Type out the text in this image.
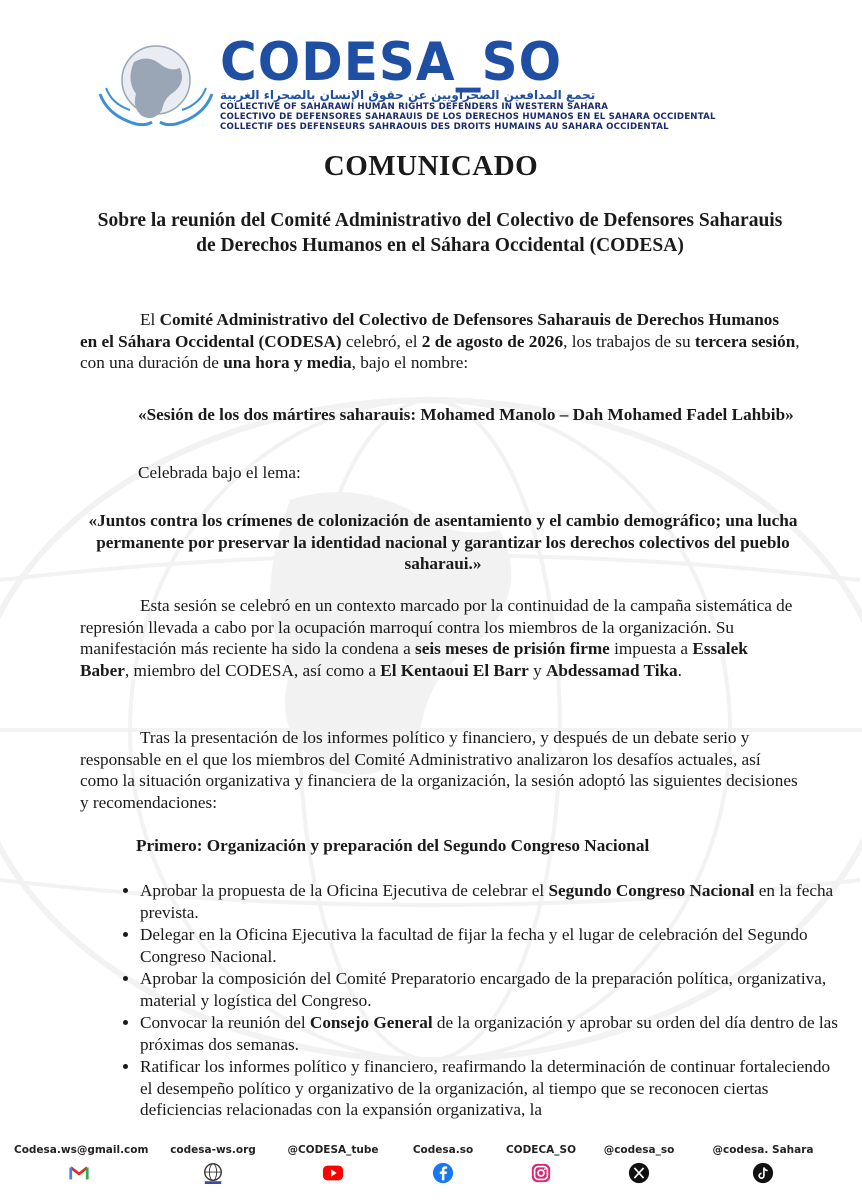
CODESA_SO
تجمع المدافعين الصحراويين عن حقوق الإنسان بالصحراء الغربية
COLLECTIVE OF SAHARAWI HUMAN RIGHTS DEFENDERS IN WESTERN SAHARA
COLECTIVO DE DEFENSORES SAHARAUIS DE LOS DERECHOS HUMANOS EN EL SAHARA OCCIDENTAL
COLLECTIF DES DEFENSEURS SAHRAOUIS DES DROITS HUMAINS AU SAHARA OCCIDENTAL
COMUNICADO
Sobre la reunión del Comité Administrativo del Colectivo de Defensores Saharauis de Derechos Humanos en el Sáhara Occidental (CODESA)
El Comité Administrativo del Colectivo de Defensores Saharauis de Derechos Humanos en el Sáhara Occidental (CODESA) celebró, el 2 de agosto de 2026, los trabajos de su tercera sesión, con una duración de una hora y media, bajo el nombre:
«Sesión de los dos mártires saharauis: Mohamed Manolo – Dah Mohamed Fadel Lahbib»
Celebrada bajo el lema:
«Juntos contra los crímenes de colonización de asentamiento y el cambio demográfico; una lucha permanente por preservar la identidad nacional y garantizar los derechos colectivos del pueblo saharaui.»
Esta sesión se celebró en un contexto marcado por la continuidad de la campaña sistemática de represión llevada a cabo por la ocupación marroquí contra los miembros de la organización. Su manifestación más reciente ha sido la condena a seis meses de prisión firme impuesta a Essalek Baber, miembro del CODESA, así como a El Kentaoui El Barr y Abdessamad Tika.
Tras la presentación de los informes político y financiero, y después de un debate serio y responsable en el que los miembros del Comité Administrativo analizaron los desafíos actuales, así como la situación organizativa y financiera de la organización, la sesión adoptó las siguientes decisiones y recomendaciones:
Primero: Organización y preparación del Segundo Congreso Nacional
• Aprobar la propuesta de la Oficina Ejecutiva de celebrar el Segundo Congreso Nacional en la fecha prevista.
• Delegar en la Oficina Ejecutiva la facultad de fijar la fecha y el lugar de celebración del Segundo Congreso Nacional.
• Aprobar la composición del Comité Preparatorio encargado de la preparación política, organizativa, material y logística del Congreso.
• Convocar la reunión del Consejo General de la organización y aprobar su orden del día dentro de las próximas dos semanas.
• Ratificar los informes político y financiero, reafirmando la determinación de continuar fortaleciendo el desempeño político y organizativo de la organización, al tiempo que se reconocen ciertas deficiencias relacionadas con la expansión organizativa, la
Codesa.ws@gmail.com	codesa-ws.org	@CODESA_tube	Codesa.so	CODECA_SO	@codesa_so	@codesa. Sahara
